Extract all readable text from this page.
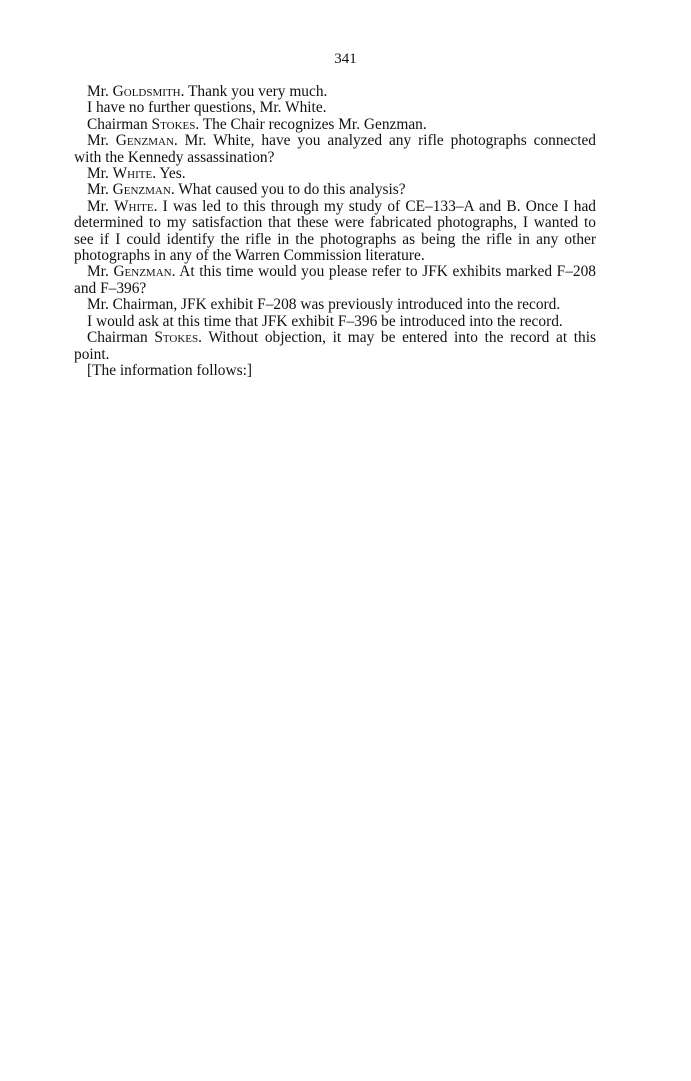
341

Mr. Goldsmith. Thank you very much.

I have no further questions, Mr. White.

Chairman Stokes. The Chair recognizes Mr. Genzman.

Mr. Genzman. Mr. White, have you analyzed any rifle photographs connected with the Kennedy assassination?

Mr. White. Yes.

Mr. Genzman. What caused you to do this analysis?

Mr. White. I was led to this through my study of CE–133–A and B. Once I had determined to my satisfaction that these were fabricated photographs, I wanted to see if I could identify the rifle in the photographs as being the rifle in any other photographs in any of the Warren Commission literature.

Mr. Genzman. At this time would you please refer to JFK exhibits marked F–208 and F–396?

Mr. Chairman, JFK exhibit F–208 was previously introduced into the record.

I would ask at this time that JFK exhibit F–396 be introduced into the record.

Chairman Stokes. Without objection, it may be entered into the record at this point.

[The information follows:]
